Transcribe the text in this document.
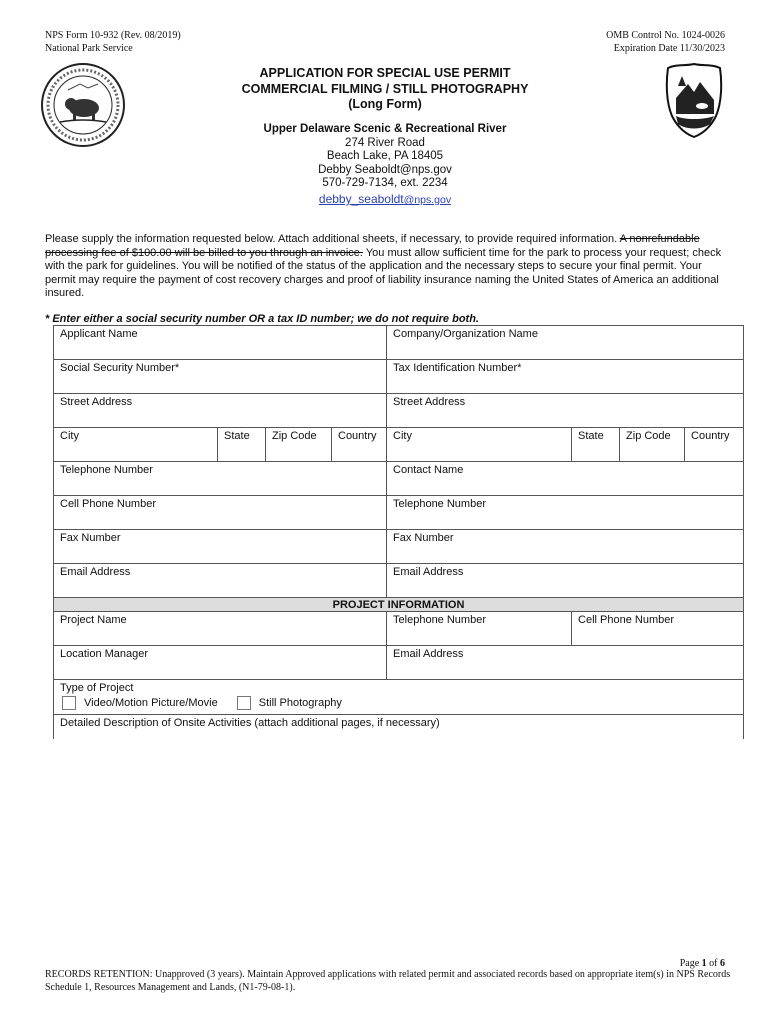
NPS Form 10-932 (Rev. 08/2019)
National Park Service
OMB Control No. 1024-0026
Expiration Date 11/30/2023
APPLICATION FOR SPECIAL USE PERMIT
COMMERCIAL FILMING / STILL PHOTOGRAPHY
(Long Form)
Upper Delaware Scenic & Recreational River
274 River Road
Beach Lake, PA 18405
Debby Seaboldt@nps.gov
570-729-7134, ext. 2234
debby_seaboldt@nps.gov
Please supply the information requested below. Attach additional sheets, if necessary, to provide required information. A nonrefundable processing fee of $100.00 will be billed to you through an invoice. You must allow sufficient time for the park to process your request; check with the park for guidelines. You will be notified of the status of the application and the necessary steps to secure your final permit. Your permit may require the payment of cost recovery charges and proof of liability insurance naming the United States of America an additional insured.
* Enter either a social security number OR a tax ID number; we do not require both.
Applicant Name				Company/Organization Name			
Social Security Number*				Tax Identification Number*			
Street Address				Street Address			
City	State	Zip Code	Country	City	State	Zip Code	Country
Telephone Number				Contact Name			
Cell Phone Number				Telephone Number			
Fax Number				Fax Number			
Email Address				Email Address			
PROJECT INFORMATION							
Project Name				Telephone Number	Cell Phone Number		
Location Manager				Email Address			

Type of Project
Video/Motion Picture/Movie Still Photography							

Detailed Description of Onsite Activities (attach additional pages, if necessary)							
Page 1 of 6
RECORDS RETENTION: Unapproved (3 years). Maintain Approved applications with related permit and associated records based on appropriate item(s) in NPS Records Schedule 1, Resources Management and Lands, (N1-79-08-1).
